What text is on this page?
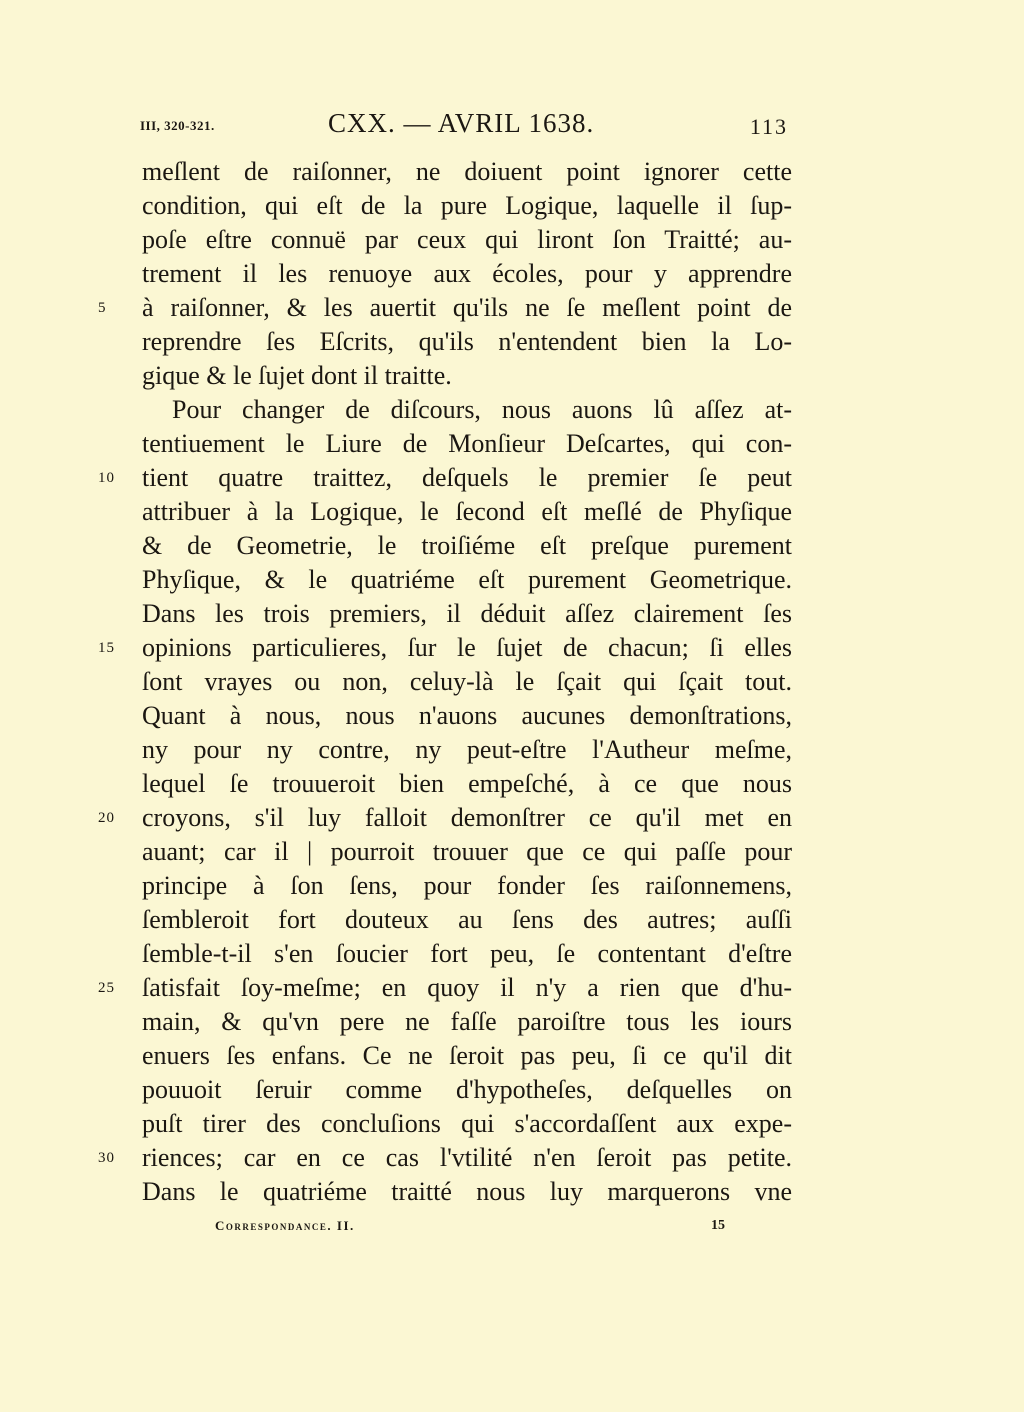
III, 320-321.	CXX. — AVRIL 1638.	113
meſlent de raiſonner, ne doiuent point ignorer cette
condition, qui eſt de la pure Logique, laquelle il ſup-
poſe eſtre connuë par ceux qui liront ſon Traitté; au-
trement il les renuoye aux écoles, pour y apprendre
5	à raiſonner, & les auertit qu'ils ne ſe meſlent point de
reprendre ſes Eſcrits, qu'ils n'entendent bien la Lo-
gique & le ſujet dont il traitte.
Pour changer de diſcours, nous auons lû aſſez at-
tentiuement le Liure de Monſieur Deſcartes, qui con-
10 tient quatre traittez, deſquels le premier ſe peut
attribuer à la Logique, le ſecond eſt meſlé de Phyſique
& de Geometrie, le troiſiéme eſt preſque purement
Phyſique, & le quatriéme eſt purement Geometrique.
Dans les trois premiers, il déduit aſſez clairement ſes
15 opinions particulieres, ſur le ſujet de chacun; ſi elles
ſont vrayes ou non, celuy-là le ſçait qui ſçait tout.
Quant à nous, nous n'auons aucunes demonſtrations,
ny pour ny contre, ny peut-eſtre l'Autheur meſme,
lequel ſe trouueroit bien empeſché, à ce que nous
20 croyons, s'il luy falloit demonſtrer ce qu'il met en
auant; car il | pourroit trouuer que ce qui paſſe pour
principe à ſon ſens, pour fonder ſes raiſonnemens,
ſembleroit fort douteux au ſens des autres; auſſi
ſemble-t-il s'en ſoucier fort peu, ſe contentant d'eſtre
25 ſatisfait ſoy-meſme; en quoy il n'y a rien que d'hu-
main, & qu'vn pere ne faſſe paroiſtre tous les iours
enuers ſes enfans. Ce ne ſeroit pas peu, ſi ce qu'il dit
pouuoit ſeruir comme d'hypotheſes, deſquelles on
puſt tirer des concluſions qui s'accordaſſent aux expe-
30 riences; car en ce cas l'vtilité n'en ſeroit pas petite.
Dans le quatriéme traitté nous luy marquerons vne
Correspondance. II.	15
